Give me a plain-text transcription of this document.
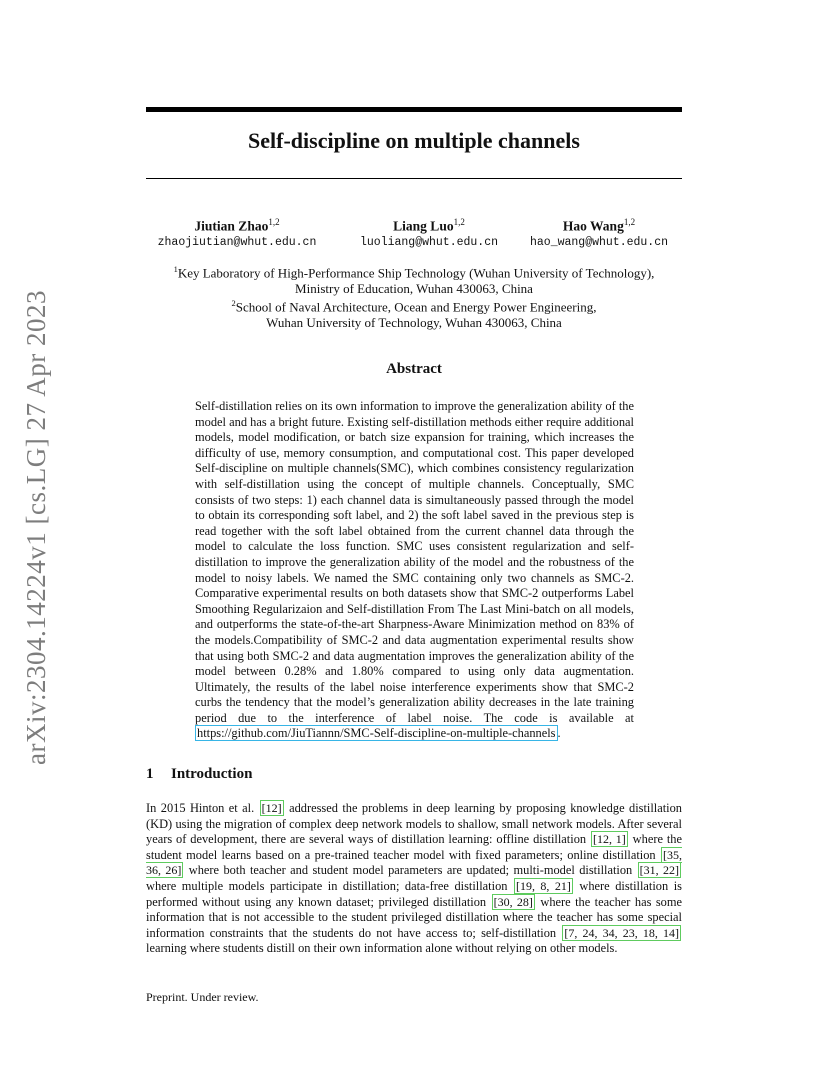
arXiv:2304.14224v1 [cs.LG] 27 Apr 2023
Self-discipline on multiple channels
Jiutian Zhao$^{1,2}$
zhaojiutian@whut.edu.cn
Liang Luo$^{1,2}$
luoliang@whut.edu.cn
Hao Wang$^{1,2}$
hao_wang@whut.edu.cn
$^1$Key Laboratory of High-Performance Ship Technology (Wuhan University of Technology),
Ministry of Education, Wuhan 430063, China
$^2$School of Naval Architecture, Ocean and Energy Power Engineering,
Wuhan University of Technology, Wuhan 430063, China
Abstract

Self-distillation relies on its own information to improve the generalization ability of the model and has a bright future. Existing self-distillation methods either require additional models, model modification, or batch size expansion for training, which increases the difficulty of use, memory consumption, and computational cost. This paper developed Self-discipline on multiple channels(SMC), which combines consistency regularization with self-distillation using the concept of multiple channels. Conceptually, SMC consists of two steps: 1) each channel data is simultaneously passed through the model to obtain its corresponding soft label, and 2) the soft label saved in the previous step is read together with the soft label obtained from the current channel data through the model to calculate the loss function. SMC uses consistent regularization and self-distillation to improve the generalization ability of the model and the robustness of the model to noisy labels. We named the SMC containing only two channels as SMC-2. Comparative experimental results on both datasets show that SMC-2 outperforms Label Smoothing Regularizaion and Self-distillation From The Last Mini-batch on all models, and outperforms the state-of-the-art Sharpness-Aware Minimization method on 83% of the models.Compatibility of SMC-2 and data augmentation experimental results show that using both SMC-2 and data augmentation improves the generalization ability of the model between 0.28% and 1.80% compared to using only data augmentation. Ultimately, the results of the label noise interference experiments show that SMC-2 curbs the tendency that the model’s generalization ability decreases in the late training period due to the interference of label noise. The code is available at https://github.com/JiuTiannn/SMC-Self-discipline-on-multiple-channels .

1 Introduction

In 2015 Hinton et al. [12] addressed the problems in deep learning by proposing knowledge distillation (KD) using the migration of complex deep network models to shallow, small network models. After several years of development, there are several ways of distillation learning: offline distillation [12, 1] where the student model learns based on a pre-trained teacher model with fixed parameters; online distillation [35, 36, 26] where both teacher and student model parameters are updated; multi-model distillation [31, 22] where multiple models participate in distillation; data-free distillation [19, 8, 21] where distillation is performed without using any known dataset; privileged distillation [30, 28] where the teacher has some information that is not accessible to the student privileged distillation where the teacher has some special information constraints that the students do not have access to; self-distillation [7, 24, 34, 23, 18, 14] learning where students distill on their own information alone without relying on other models.

Preprint. Under review.
